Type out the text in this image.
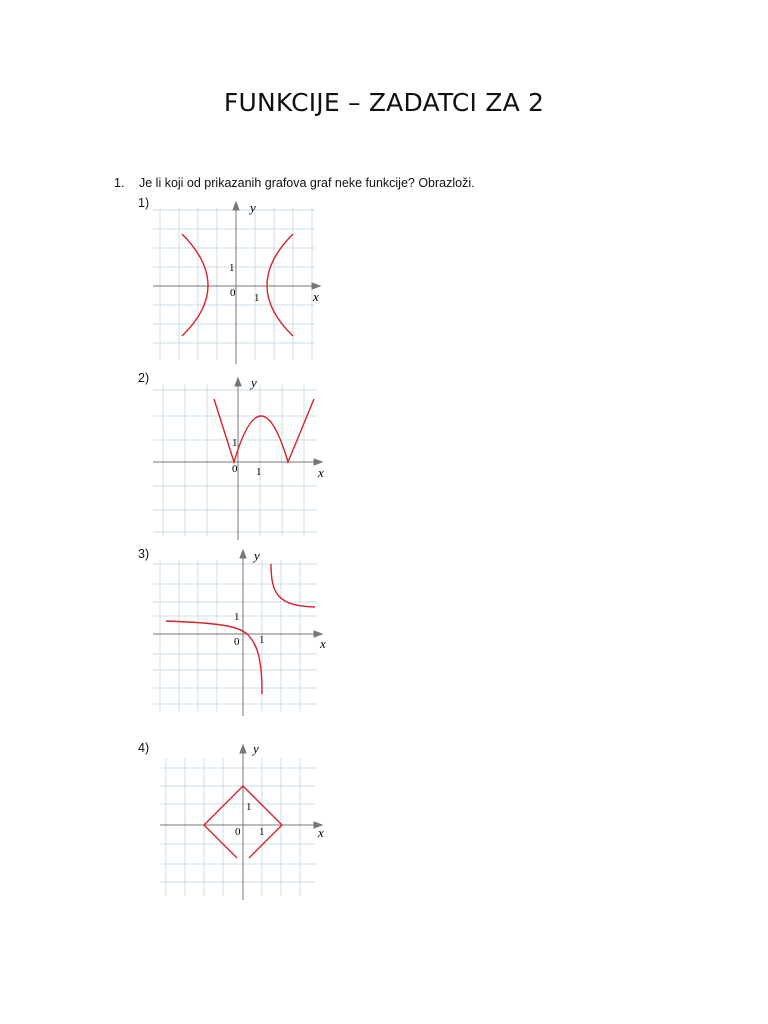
FUNKCIJE – ZADATCI ZA 2
1. Je li koji od prikazanih grafova graf neke funkcije? Obrazloži.
1)
x
y
0 1
1
2)
x
y
0 1
1
3)
x
y
0 1
1
4)
x
y
0 1
1
